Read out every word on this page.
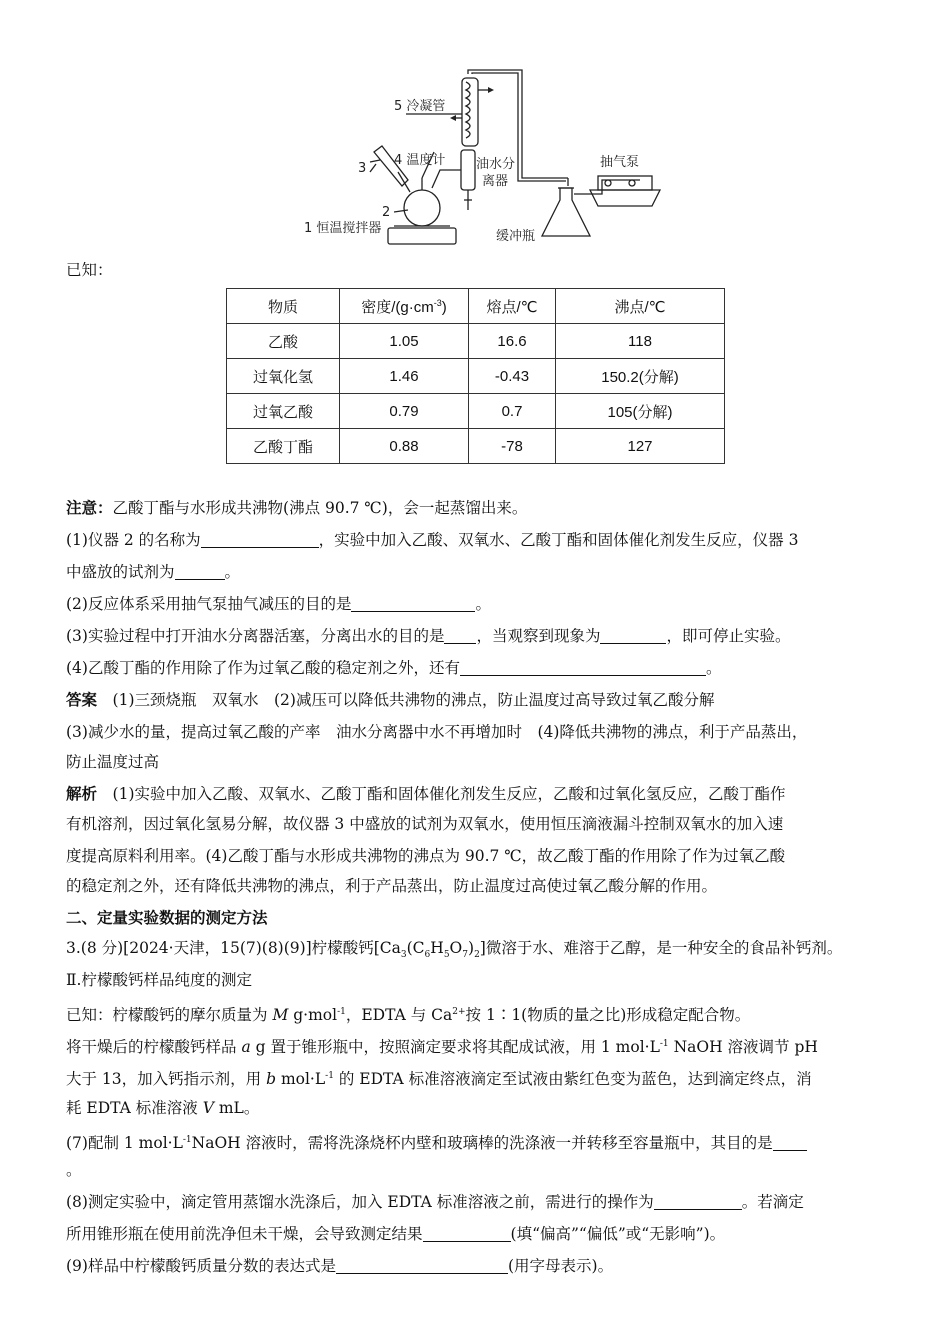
5 冷凝管
4 温度计
3
2
1 恒温搅拌器
油水分
离器
抽气泵
缓冲瓶
已知：
物质	密度$/(g\cdot cm^{-3})$	熔点/℃	沸点/℃
乙酸	1.05	16.6	118
过氧化氢	1.46	-0.43	150.2(分解)
过氧乙酸	0.79	0.7	105(分解)
乙酸丁酯	0.88	-78	127
注意：乙酸丁酯与水形成共沸物(沸点 90.7 ℃)，会一起蒸馏出来。
(1)仪器 2 的名称为	，实验中加入乙酸、双氧水、乙酸丁酯和固体催化剂发生反应，仪器 3
中盛放的试剂为	。
(2)反应体系采用抽气泵抽气减压的目的是	。
(3)实验过程中打开油水分离器活塞，分离出水的目的是 ，当观察到现象为	，即可停止实验。
(4)乙酸丁酯的作用除了作为过氧乙酸的稳定剂之外，还有	。
答案　 (1)三颈烧瓶　双氧水　(2)减压可以降低共沸物的沸点，防止温度过高导致过氧乙酸分解
(3)减少水的量，提高过氧乙酸的产率　油水分离器中水不再增加时　(4)降低共沸物的沸点，利于产品蒸出，
防止温度过高
解析　 (1)实验中加入乙酸、双氧水、乙酸丁酯和固体催化剂发生反应，乙酸和过氧化氢反应，乙酸丁酯作
有机溶剂，因过氧化氢易分解，故仪器 3 中盛放的试剂为双氧水，使用恒压滴液漏斗控制双氧水的加入速
度提高原料利用率。(4)乙酸丁酯与水形成共沸物的沸点为 90.7 ℃，故乙酸丁酯的作用除了作为过氧乙酸
的稳定剂之外，还有降低共沸物的沸点，利于产品蒸出，防止温度过高使过氧乙酸分解的作用。
二、定量实验数据的测定方法
3.(8 分)[2024·天津，15(7)(8)(9)]柠檬酸钙$[Ca_3(C_6H_5O_7)_2]$微溶于水、难溶于乙醇，是一种安全的食品补钙剂。
Ⅱ.柠檬酸钙样品纯度的测定
已知：柠檬酸钙的摩尔质量为 M g·mol$^{-1}$，EDTA 与 $Ca^{2+}$按 1∶1(物质的量之比)形成稳定配合物。
将干燥后的柠檬酸钙样品 a g 置于锥形瓶中，按照滴定要求将其配成试液，用 1 $mol\cdot L^{-1}$ NaOH 溶液调节 pH
大于 13，加入钙指示剂，用 b $mol\cdot L^{-1}$ 的 EDTA 标准溶液滴定至试液由紫红色变为蓝色，达到滴定终点，消
耗 EDTA 标准溶液 V mL。
(7)配制 1 $mol\cdot L^{-1}NaOH$ 溶液时，需将洗涤烧杯内壁和玻璃棒的洗涤液一并转移至容量瓶中，其目的是
。
(8)测定实验中，滴定管用蒸馏水洗涤后，加入 EDTA 标准溶液之前，需进行的操作为	。若滴定
所用锥形瓶在使用前洗净但未干燥，会导致测定结果	(填“偏高”“偏低”或“无影响”)。
(9)样品中柠檬酸钙质量分数的表达式是	(用字母表示)。
